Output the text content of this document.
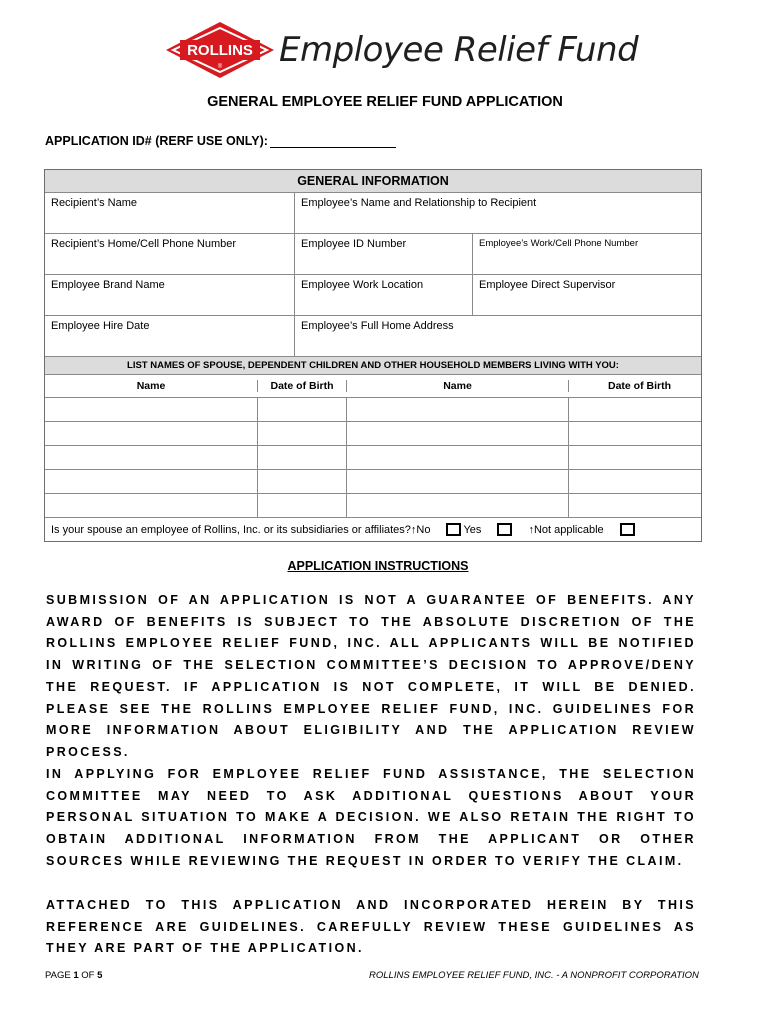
ROLLINS
® Employee Relief Fund
GENERAL EMPLOYEE RELIEF FUND APPLICATION
APPLICATION ID# (RERF USE ONLY):
GENERAL INFORMATION
Recipient’s Name	Employee’s Name and Relationship to Recipient
Recipient’s Home/Cell Phone Number	Employee ID Number	Employee’s Work/Cell Phone Number
Employee Brand Name	Employee Work Location	Employee Direct Supervisor
Employee Hire Date	Employee’s Full Home Address
LIST NAMES OF SPOUSE, DEPENDENT CHILDREN AND OTHER HOUSEHOLD MEMBERS LIVING WITH YOU:
Name	Date of Birth	Name	Date of Birth
Is your spouse an employee of Rollins, Inc. or its subsidiaries or affiliates? ↑ No	Yes	↑ Not applicable
APPLICATION INSTRUCTIONS
SUBMISSION OF AN APPLICATION IS NOT A GUARANTEE OF BENEFITS. ANY AWARD OF BENEFITS IS SUBJECT TO THE ABSOLUTE DISCRETION OF THE ROLLINS EMPLOYEE RELIEF FUND, INC. ALL APPLICANTS WILL BE NOTIFIED IN WRITING OF THE SELECTION COMMITTEE’S DECISION TO APPROVE/DENY THE REQUEST. IF APPLICATION IS NOT COMPLETE, IT WILL BE DENIED. PLEASE SEE THE ROLLINS EMPLOYEE RELIEF FUND, INC. GUIDELINES FOR MORE INFORMATION ABOUT ELIGIBILITY AND THE APPLICATION REVIEW PROCESS.
IN APPLYING FOR EMPLOYEE RELIEF FUND ASSISTANCE, THE SELECTION COMMITTEE MAY NEED TO ASK ADDITIONAL QUESTIONS ABOUT YOUR PERSONAL SITUATION TO MAKE A DECISION. WE ALSO RETAIN THE RIGHT TO OBTAIN ADDITIONAL INFORMATION FROM THE APPLICANT OR OTHER SOURCES WHILE REVIEWING THE REQUEST IN ORDER TO VERIFY THE CLAIM.
ATTACHED TO THIS APPLICATION AND INCORPORATED HEREIN BY THIS REFERENCE ARE GUIDELINES. CAREFULLY REVIEW THESE GUIDELINES AS THEY ARE PART OF THE APPLICATION.
PAGE 1 OF 5	ROLLINS EMPLOYEE RELIEF FUND, INC. - A NONPROFIT CORPORATION
